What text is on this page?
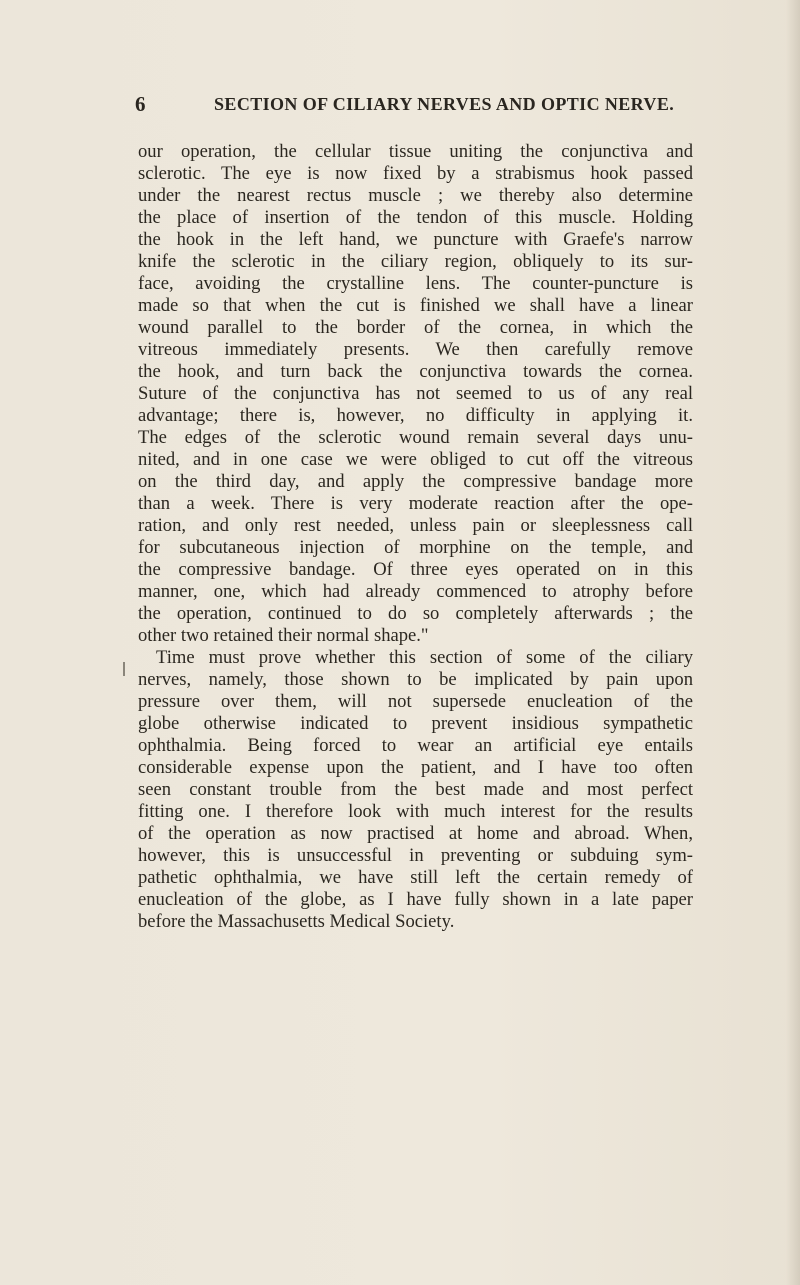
6	SECTION OF CILIARY NERVES AND OPTIC NERVE.
our operation, the cellular tissue uniting the conjunctiva and
sclerotic. The eye is now fixed by a strabismus hook passed
under the nearest rectus muscle ; we thereby also determine
the place of insertion of the tendon of this muscle. Holding
the hook in the left hand, we puncture with Graefe's narrow
knife the sclerotic in the ciliary region, obliquely to its sur-
face, avoiding the crystalline lens. The counter-puncture is
made so that when the cut is finished we shall have a linear
wound parallel to the border of the cornea, in which the
vitreous immediately presents. We then carefully remove
the hook, and turn back the conjunctiva towards the cornea.
Suture of the conjunctiva has not seemed to us of any real
advantage; there is, however, no difficulty in applying it.
The edges of the sclerotic wound remain several days unu-
nited, and in one case we were obliged to cut off the vitreous
on the third day, and apply the compressive bandage more
than a week. There is very moderate reaction after the ope-
ration, and only rest needed, unless pain or sleeplessness call
for subcutaneous injection of morphine on the temple, and
the compressive bandage. Of three eyes operated on in this
manner, one, which had already commenced to atrophy before
the operation, continued to do so completely afterwards ; the
other two retained their normal shape."
Time must prove whether this section of some of the ciliary
nerves, namely, those shown to be implicated by pain upon
pressure over them, will not supersede enucleation of the
globe otherwise indicated to prevent insidious sympathetic
ophthalmia. Being forced to wear an artificial eye entails
considerable expense upon the patient, and I have too often
seen constant trouble from the best made and most perfect
fitting one. I therefore look with much interest for the results
of the operation as now practised at home and abroad. When,
however, this is unsuccessful in preventing or subduing sym-
pathetic ophthalmia, we have still left the certain remedy of
enucleation of the globe, as I have fully shown in a late paper
before the Massachusetts Medical Society.
